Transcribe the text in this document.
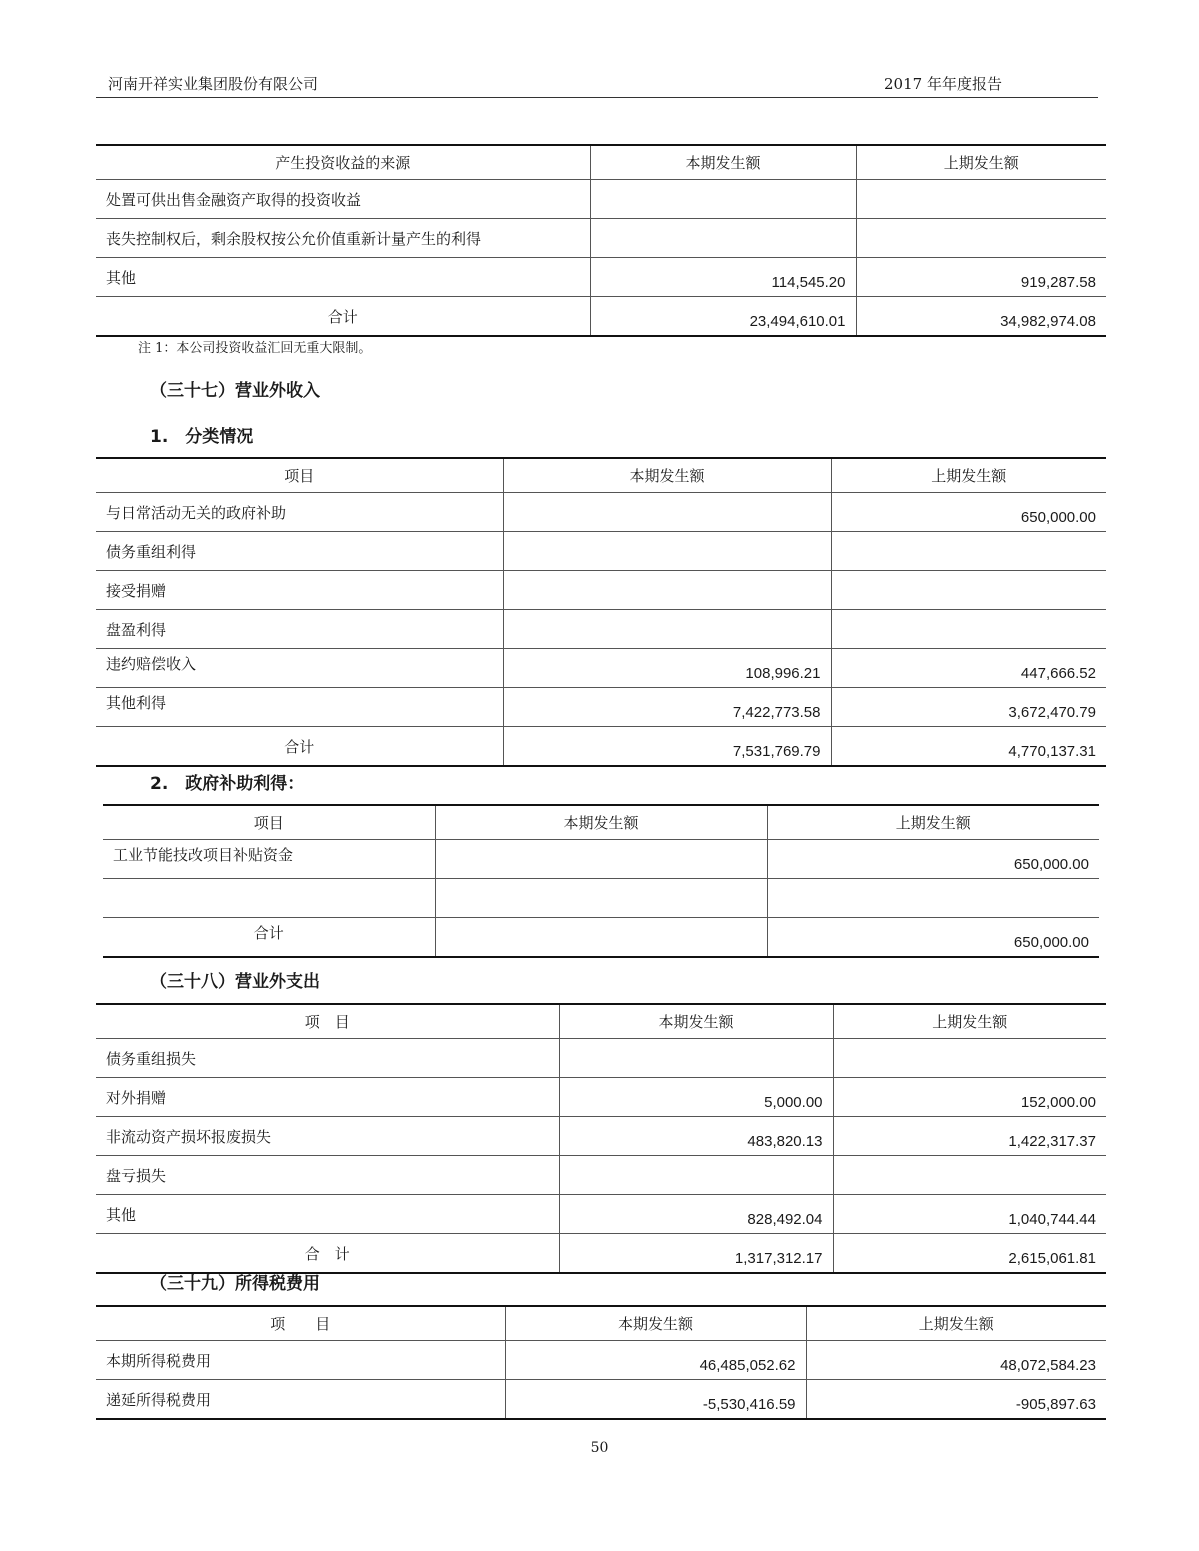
河南开祥实业集团股份有限公司	2017 年年度报告
产生投资收益的来源	本期发生额	上期发生额
处置可供出售金融资产取得的投资收益		
丧失控制权后，剩余股权按公允价值重新计量产生的利得		
其他	114,545.20	919,287.58
合计	23,494,610.01	34,982,974.08
注 1：本公司投资收益汇回无重大限制。
（三十七）营业外收入
1.　分类情况
项目	本期发生额	上期发生额
与日常活动无关的政府补助		650,000.00
债务重组利得		
接受捐赠		
盘盈利得		
违约赔偿收入	108,996.21	447,666.52
其他利得	7,422,773.58	3,672,470.79
合计	7,531,769.79	4,770,137.31
2.　政府补助利得：
项目	本期发生额	上期发生额
工业节能技改项目补贴资金		650,000.00

合计		650,000.00
（三十八）营业外支出
项　目	本期发生额	上期发生额
债务重组损失		
对外捐赠	5,000.00	152,000.00
非流动资产损坏报废损失	483,820.13	1,422,317.37
盘亏损失		
其他	828,492.04	1,040,744.44
合　计	1,317,312.17	2,615,061.81
（三十九）所得税费用
项　　目	本期发生额	上期发生额
本期所得税费用	46,485,052.62	48,072,584.23
递延所得税费用	-5,530,416.59	-905,897.63
50
